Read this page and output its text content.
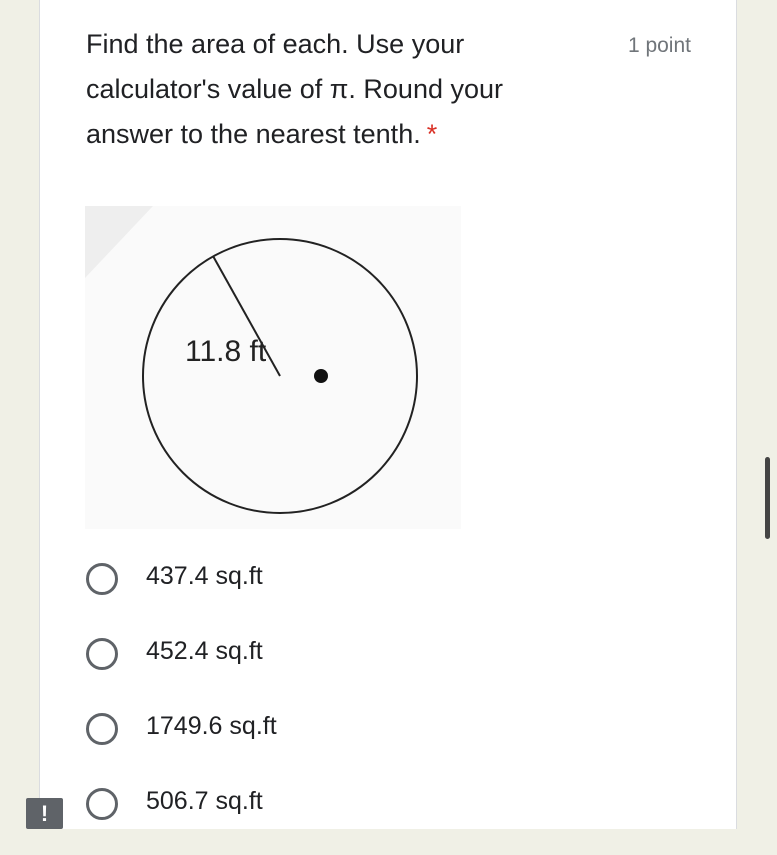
Find the area of each. Use your calculator's value of π. Round your answer to the nearest tenth. *
1 point
11.8 ft
437.4 sq.ft
452.4 sq.ft
1749.6 sq.ft
506.7 sq.ft
!
